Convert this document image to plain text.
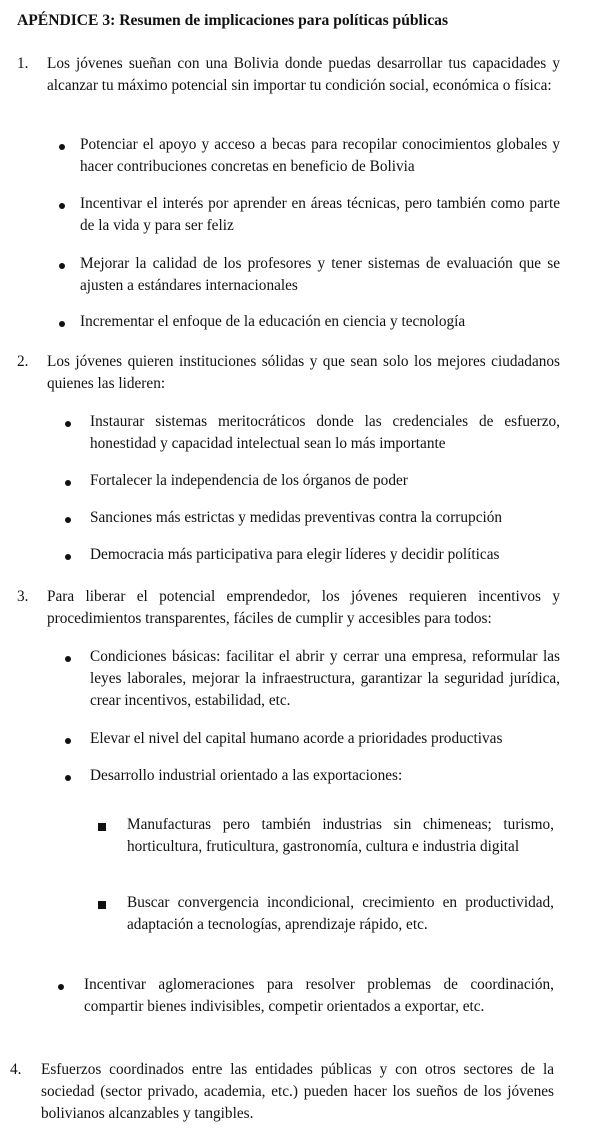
APÉNDICE 3: Resumen de implicaciones para políticas públicas
1. Los jóvenes sueñan con una Bolivia donde puedas desarrollar tus capacidades y alcanzar tu máximo potencial sin importar tu condición social, económica o física:
Potenciar el apoyo y acceso a becas para recopilar conocimientos globales y hacer contribuciones concretas en beneficio de Bolivia
Incentivar el interés por aprender en áreas técnicas, pero también como parte de la vida y para ser feliz
Mejorar la calidad de los profesores y tener sistemas de evaluación que se ajusten a estándares internacionales
Incrementar el enfoque de la educación en ciencia y tecnología
2. Los jóvenes quieren instituciones sólidas y que sean solo los mejores ciudadanos quienes las lideren:
Instaurar sistemas meritocráticos donde las credenciales de esfuerzo, honestidad y capacidad intelectual sean lo más importante
Fortalecer la independencia de los órganos de poder
Sanciones más estrictas y medidas preventivas contra la corrupción
Democracia más participativa para elegir líderes y decidir políticas
3. Para liberar el potencial emprendedor, los jóvenes requieren incentivos y procedimientos transparentes, fáciles de cumplir y accesibles para todos:
Condiciones básicas: facilitar el abrir y cerrar una empresa, reformular las leyes laborales, mejorar la infraestructura, garantizar la seguridad jurídica, crear incentivos, estabilidad, etc.
Elevar el nivel del capital humano acorde a prioridades productivas
Desarrollo industrial orientado a las exportaciones:
Manufacturas pero también industrias sin chimeneas; turismo, horticultura, fruticultura, gastronomía, cultura e industria digital
Buscar convergencia incondicional, crecimiento en productividad, adaptación a tecnologías, aprendizaje rápido, etc.
Incentivar aglomeraciones para resolver problemas de coordinación, compartir bienes indivisibles, competir orientados a exportar, etc.
4. Esfuerzos coordinados entre las entidades públicas y con otros sectores de la sociedad (sector privado, academia, etc.) pueden hacer los sueños de los jóvenes bolivianos alcanzables y tangibles.
